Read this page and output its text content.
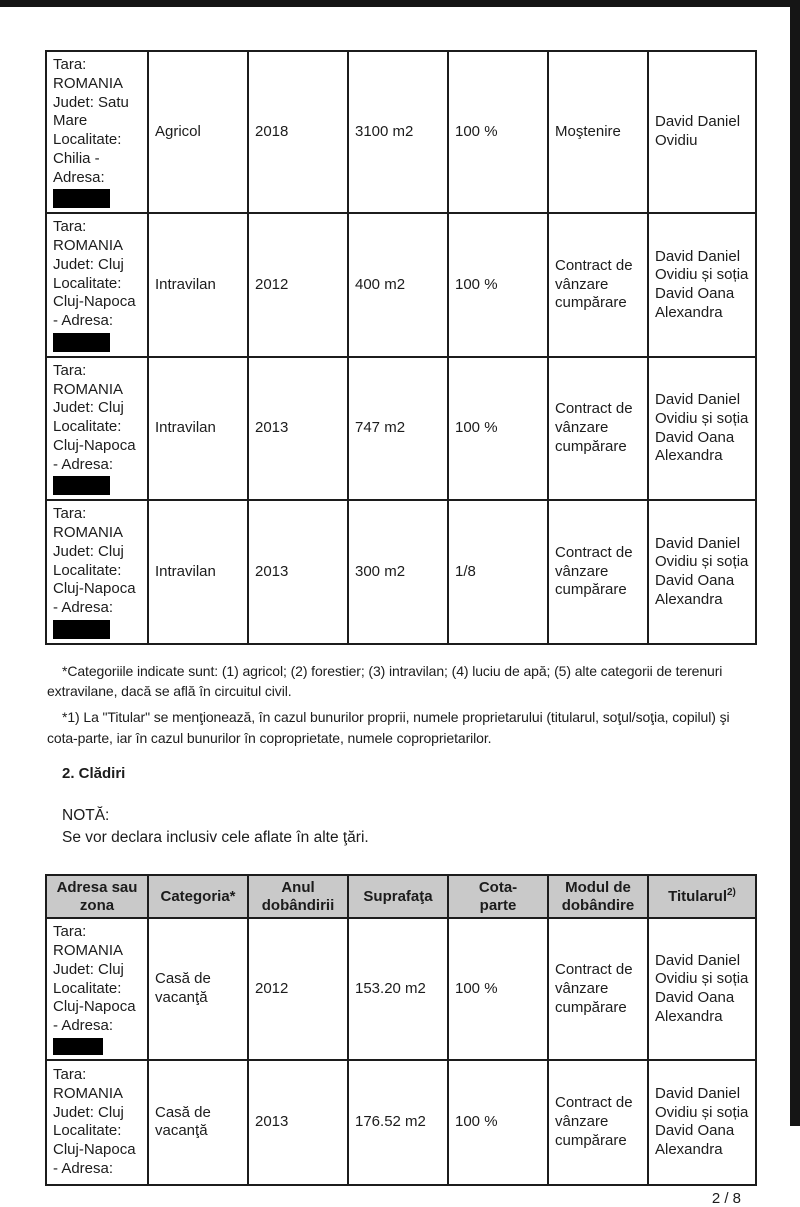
Tara: ROMANIA Judet: Satu Mare Localitate: Chilia - Adresa:	Agricol	2018	3100 m2	100 %	Moştenire	David Daniel Ovidiu
Tara: ROMANIA Judet: Cluj Localitate: Cluj-Napoca - Adresa:	Intravilan	2012	400 m2	100 %	Contract de vânzare cumpărare	David Daniel Ovidiu și soția David Oana Alexandra
Tara: ROMANIA Judet: Cluj Localitate: Cluj-Napoca - Adresa:	Intravilan	2013	747 m2	100 %	Contract de vânzare cumpărare	David Daniel Ovidiu și soția David Oana Alexandra
Tara: ROMANIA Judet: Cluj Localitate: Cluj-Napoca - Adresa:	Intravilan	2013	300 m2	1/8	Contract de vânzare cumpărare	David Daniel Ovidiu și soția David Oana Alexandra

*Categoriile indicate sunt: (1) agricol; (2) forestier; (3) intravilan; (4) luciu de apă; (5) alte categorii de terenuri extravilane, dacă se află în circuitul civil.

*1) La "Titular" se menţionează, în cazul bunurilor proprii, numele proprietarului (titularul, soţul/soţia, copilul) şi cota-parte, iar în cazul bunurilor în coproprietate, numele coproprietarilor.

2. Clădiri
NOTĂ:
Se vor declara inclusiv cele aflate în alte ţări.
Adresa sau zona	Categoria*	Anul dobândirii	Suprafaţa	Cota-parte	Modul de dobândire	Titularul$^{2)}$
Tara: ROMANIA Judet: Cluj Localitate: Cluj-Napoca - Adresa:	Casă de vacanţă	2012	153.20 m2	100 %	Contract de vânzare cumpărare	David Daniel Ovidiu și soția David Oana Alexandra
Tara: ROMANIA Judet: Cluj Localitate: Cluj-Napoca - Adresa:	Casă de vacanţă	2013	176.52 m2	100 %	Contract de vânzare cumpărare	David Daniel Ovidiu și soția David Oana Alexandra
2 / 8
